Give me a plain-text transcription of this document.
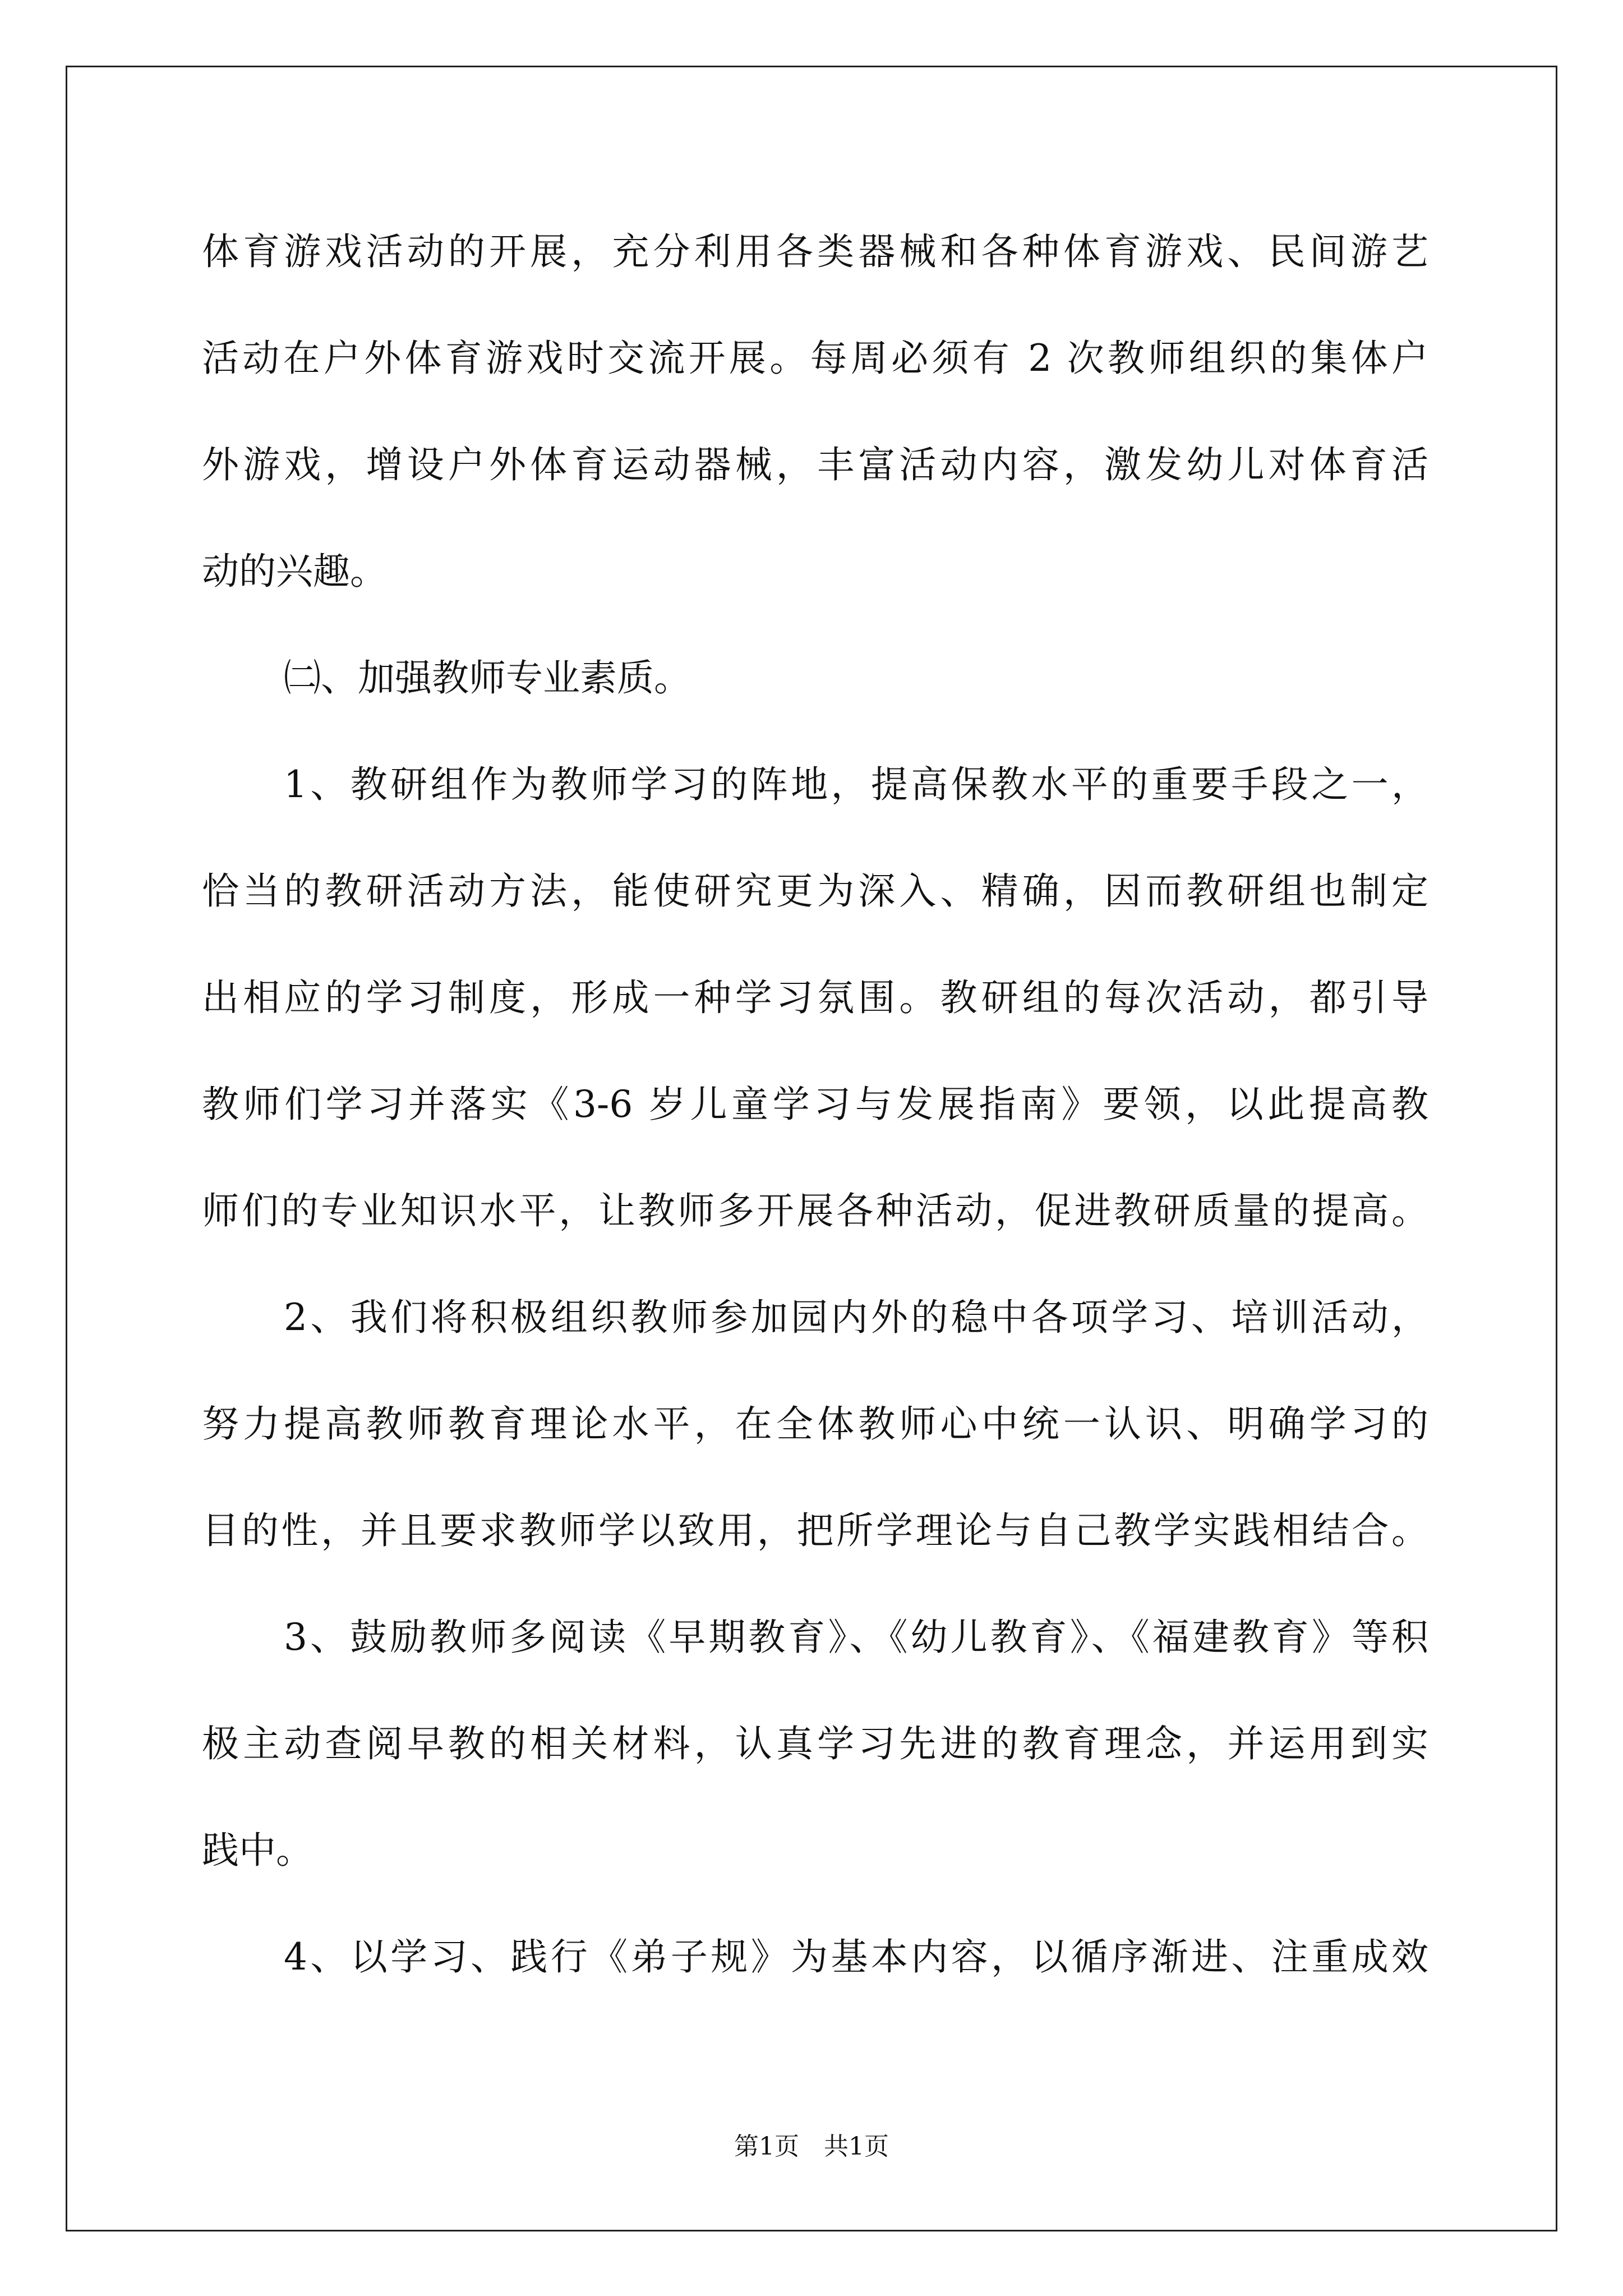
体育游戏活动的开展，充分利用各类器械和各种体育游戏、民间游艺
活动在户外体育游戏时交流开展。每周必须有 2 次教师组织的集体户
外游戏，增设户外体育运动器械，丰富活动内容，激发幼儿对体育活
动的兴趣。
㈡、加强教师专业素质。
1、教研组作为教师学习的阵地，提高保教水平的重要手段之一，
恰当的教研活动方法，能使研究更为深入、精确，因而教研组也制定
出相应的学习制度，形成一种学习氛围。教研组的每次活动，都引导
教师们学习并落实《3-6 岁儿童学习与发展指南》要领，以此提高教
师们的专业知识水平，让教师多开展各种活动，促进教研质量的提高。
2、我们将积极组织教师参加园内外的稳中各项学习、培训活动，
努力提高教师教育理论水平，在全体教师心中统一认识、明确学习的
目的性，并且要求教师学以致用，把所学理论与自己教学实践相结合。
3、鼓励教师多阅读《早期教育》、《幼儿教育》、《福建教育》等积
极主动查阅早教的相关材料，认真学习先进的教育理念，并运用到实
践中。
4、以学习、践行《弟子规》为基本内容，以循序渐进、注重成效
第1页 共1页
